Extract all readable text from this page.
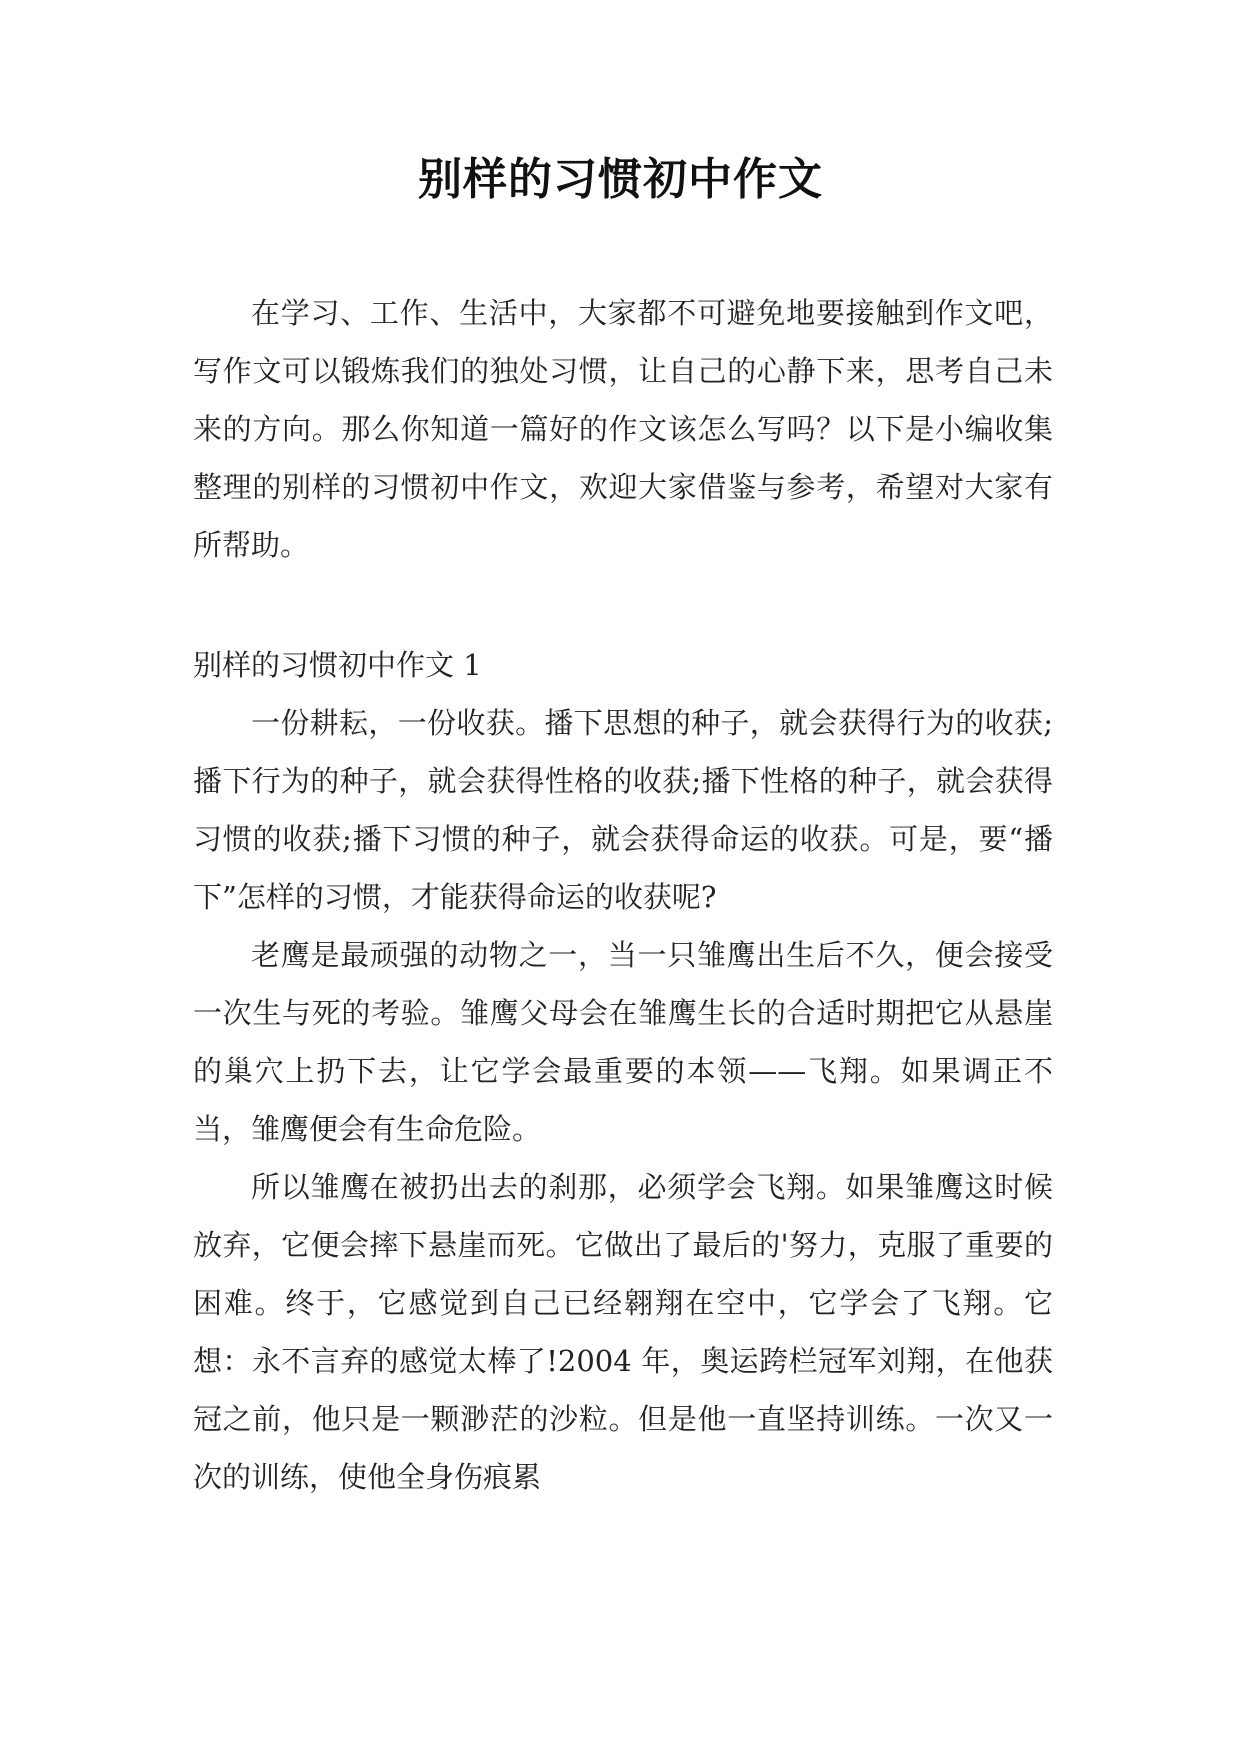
别样的习惯初中作文

在学习、工作、生活中，大家都不可避免地要接触到作文吧，写作文可以锻炼我们的独处习惯，让自己的心静下来，思考自己未来的方向。那么你知道一篇好的作文该怎么写吗？以下是小编收集整理的别样的习惯初中作文，欢迎大家借鉴与参考，希望对大家有所帮助。

别样的习惯初中作文 1

一份耕耘，一份收获。播下思想的种子，就会获得行为的收获;播下行为的种子，就会获得性格的收获;播下性格的种子，就会获得习惯的收获;播下习惯的种子，就会获得命运的收获。可是，要“播下”怎样的习惯，才能获得命运的收获呢?

老鹰是最顽强的动物之一，当一只雏鹰出生后不久，便会接受一次生与死的考验。雏鹰父母会在雏鹰生长的合适时期把它从悬崖的巢穴上扔下去，让它学会最重要的本领——飞翔。如果调正不当，雏鹰便会有生命危险。

所以雏鹰在被扔出去的刹那，必须学会飞翔。如果雏鹰这时候放弃，它便会摔下悬崖而死。它做出了最后的'努力，克服了重要的困难。终于，它感觉到自己已经翱翔在空中，它学会了飞翔。它想：永不言弃的感觉太棒了!2004 年，奥运跨栏冠军刘翔，在他获冠之前，他只是一颗渺茫的沙粒。但是他一直坚持训练。一次又一次的训练，使他全身伤痕累
